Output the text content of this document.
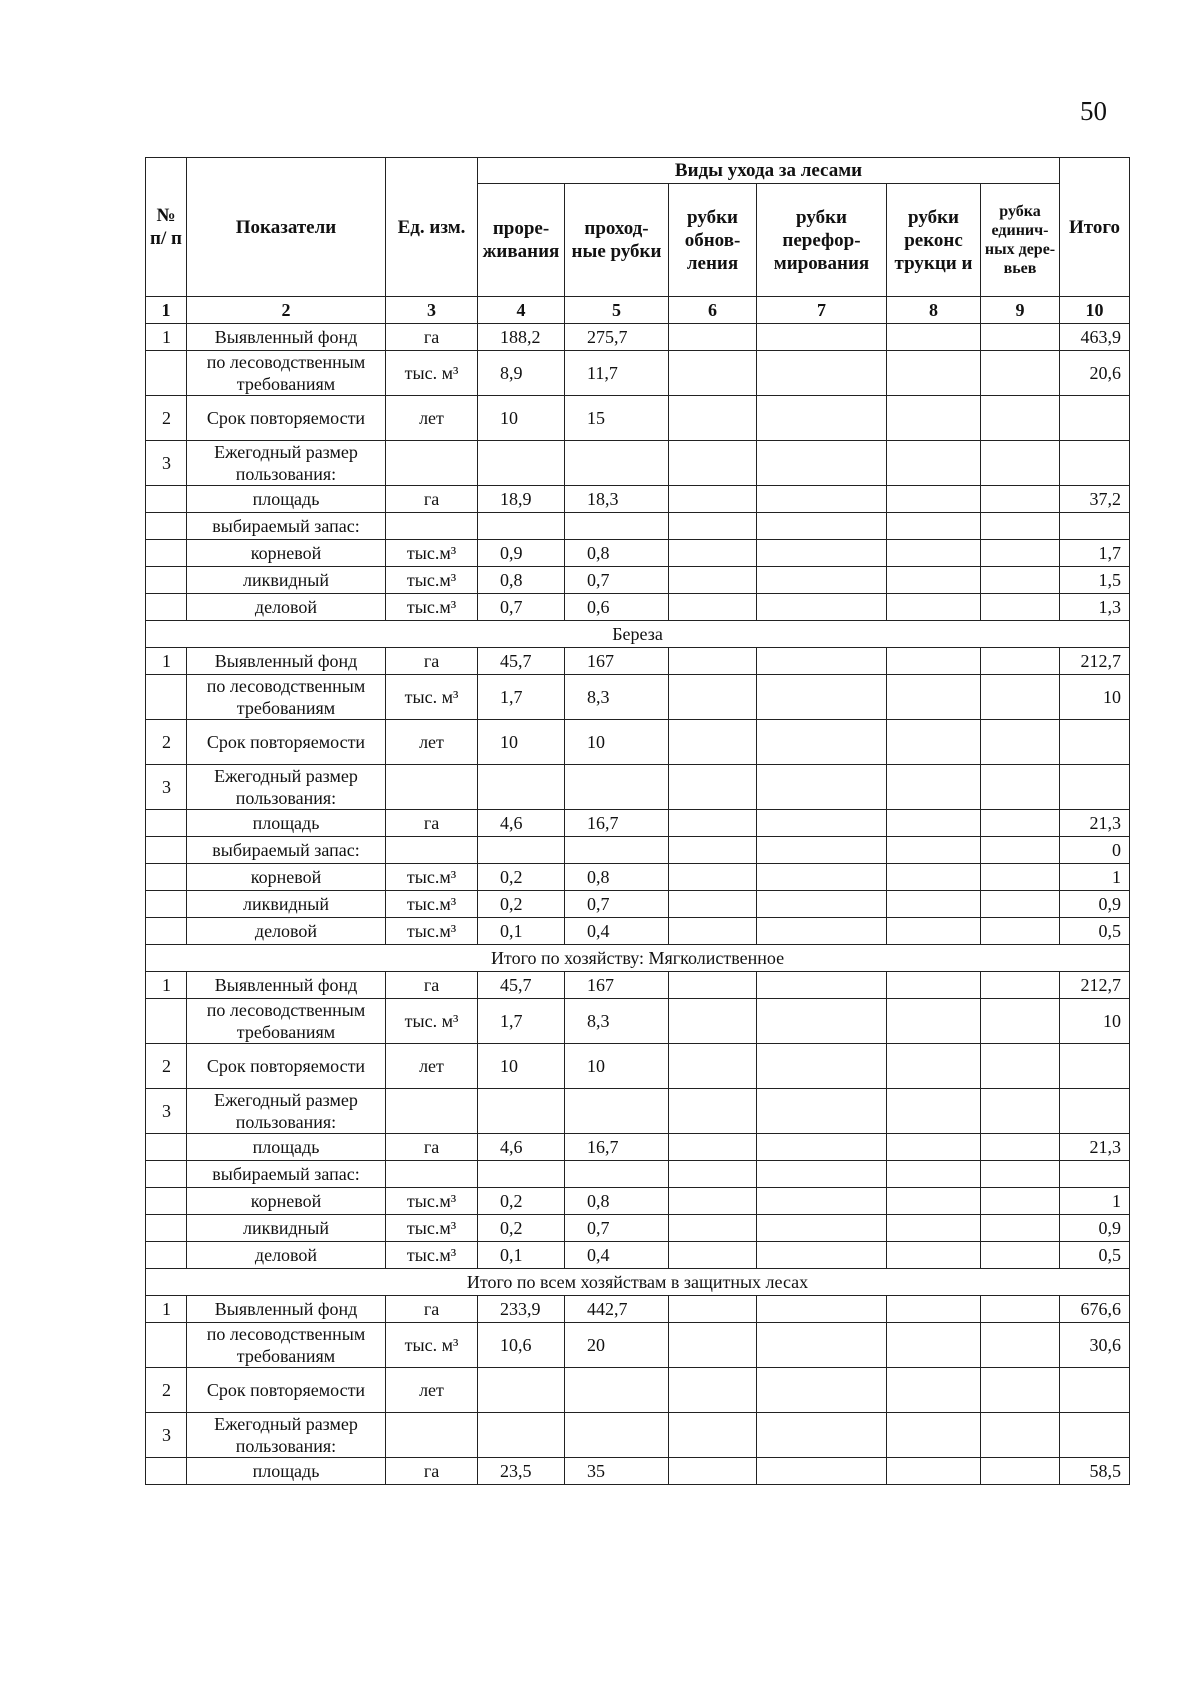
50
№ п/ п	Показатели	Ед. изм.	Виды ухода за лесами						Итого
			проре-живания	проход-ные рубки	рубки обнов-ления	рубки перефор-мирования	рубки реконс трукци и	рубка единич-ных дере-вьев	
1	2	3	4	5	6	7	8	9	10
1	Выявленный фонд	га	188,2	275,7					463,9
	по лесоводственным требованиям	тыс. м³	8,9	11,7					20,6
2	Срок повторяемости	лет	10	15					
3	Ежегодный размер пользования:								
	площадь	га	18,9	18,3					37,2
	выбираемый запас:								
	корневой	тыс.м³	0,9	0,8					1,7
	ликвидный	тыс.м³	0,8	0,7					1,5
	деловой	тыс.м³	0,7	0,6					1,3
Береза									
1	Выявленный фонд	га	45,7	167					212,7
	по лесоводственным требованиям	тыс. м³	1,7	8,3					10
2	Срок повторяемости	лет	10	10					
3	Ежегодный размер пользования:								
	площадь	га	4,6	16,7					21,3
	выбираемый запас:								0
	корневой	тыс.м³	0,2	0,8					1
	ликвидный	тыс.м³	0,2	0,7					0,9
	деловой	тыс.м³	0,1	0,4					0,5
Итого по хозяйству: Мягколиственное									
1	Выявленный фонд	га	45,7	167					212,7
	по лесоводственным требованиям	тыс. м³	1,7	8,3					10
2	Срок повторяемости	лет	10	10					
3	Ежегодный размер пользования:								
	площадь	га	4,6	16,7					21,3
	выбираемый запас:								
	корневой	тыс.м³	0,2	0,8					1
	ликвидный	тыс.м³	0,2	0,7					0,9
	деловой	тыс.м³	0,1	0,4					0,5
Итого по всем хозяйствам в защитных лесах									
1	Выявленный фонд	га	233,9	442,7					676,6
	по лесоводственным требованиям	тыс. м³	10,6	20					30,6
2	Срок повторяемости	лет							
3	Ежегодный размер пользования:								
	площадь	га	23,5	35					58,5
